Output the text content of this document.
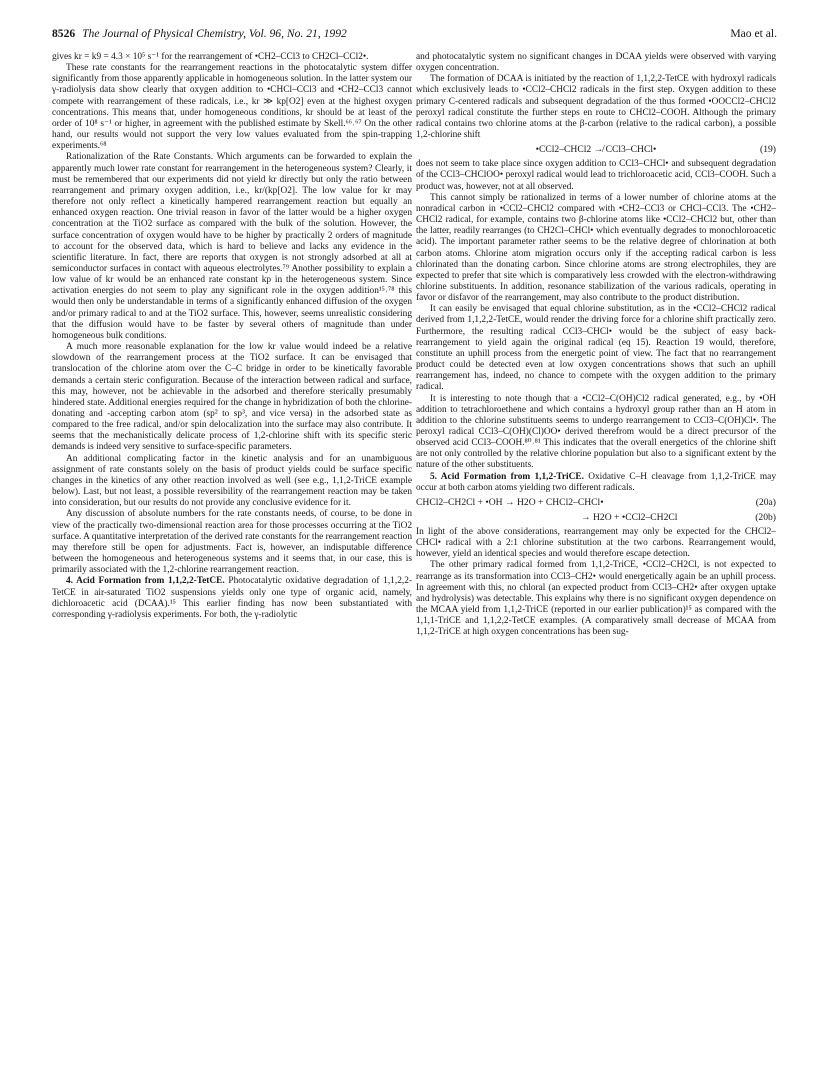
8526 The Journal of Physical Chemistry, Vol. 96, No. 21, 1992	Mao et al.

gives kr = k9 = 4.3 × 10⁵ s⁻¹ for the rearrangement of •CH2–CCl3 to CH2Cl–CCl2•.

These rate constants for the rearrangement reactions in the photocatalytic system differ significantly from those apparently applicable in homogeneous solution. In the latter system our γ-radiolysis data show clearly that oxygen addition to •CHCl–CCl3 and •CH2–CCl3 cannot compete with rearrangement of these radicals, i.e., kr ≫ kp[O2] even at the highest oxygen concentrations. This means that, under homogeneous conditions, kr should be at least of the order of 10⁸ s⁻¹ or higher, in agreement with the published estimate by Skell.⁶⁶˒⁶⁷ On the other hand, our results would not support the very low values evaluated from the spin-trapping experiments.⁶⁸

Rationalization of the Rate Constants. Which arguments can be forwarded to explain the apparently much lower rate constant for rearrangement in the heterogeneous system? Clearly, it must be remembered that our experiments did not yield kr directly but only the ratio between rearrangement and primary oxygen addition, i.e., kr/(kp[O2]. The low value for kr may therefore not only reflect a kinetically hampered rearrangement reaction but equally an enhanced oxygen reaction. One trivial reason in favor of the latter would be a higher oxygen concentration at the TiO2 surface as compared with the bulk of the solution. However, the surface concentration of oxygen would have to be higher by practically 2 orders of magnitude to account for the observed data, which is hard to believe and lacks any evidence in the scientific literature. In fact, there are reports that oxygen is not strongly adsorbed at all at semiconductor surfaces in contact with aqueous electrolytes.⁷⁹ Another possibility to explain a low value of kr would be an enhanced rate constant kp in the heterogeneous system. Since activation energies do not seem to play any significant role in the oxygen addition¹⁵˒⁷⁸ this would then only be understandable in terms of a significantly enhanced diffusion of the oxygen and/or primary radical to and at the TiO2 surface. This, however, seems unrealistic considering that the diffusion would have to be faster by several others of magnitude than under homogeneous bulk conditions.

A much more reasonable explanation for the low kr value would indeed be a relative slowdown of the rearrangement process at the TiO2 surface. It can be envisaged that translocation of the chlorine atom over the C–C bridge in order to be kinetically favorable demands a certain steric configuration. Because of the interaction between radical and surface, this may, however, not be achievable in the adsorbed and therefore sterically presumably hindered state. Additional energies required for the change in hybridization of both the chlorine-donating and -accepting carbon atom (sp² to sp³, and vice versa) in the adsorbed state as compared to the free radical, and/or spin delocalization into the surface may also contribute. It seems that the mechanistically delicate process of 1,2-chlorine shift with its specific steric demands is indeed very sensitive to surface-specific parameters.

An additional complicating factor in the kinetic analysis and for an unambiguous assignment of rate constants solely on the basis of product yields could be surface specific changes in the kinetics of any other reaction involved as well (see e.g., 1,1,2-TriCE example below). Last, but not least, a possible reversibility of the rearrangement reaction may be taken into consideration, but our results do not provide any conclusive evidence for it.

Any discussion of absolute numbers for the rate constants needs, of course, to be done in view of the practically two-dimensional reaction area for those processes occurring at the TiO2 surface. A quantitative interpretation of the derived rate constants for the rearrangement reaction may therefore still be open for adjustments. Fact is, however, an indisputable difference between the homogeneous and heterogeneous systems and it seems that, in our case, this is primarily associated with the 1,2-chlorine rearrangement reaction.

4. Acid Formation from 1,1,2,2-TetCE. Photocatalytic oxidative degradation of 1,1,2,2-TetCE in air-saturated TiO2 suspensions yields only one type of organic acid, namely, dichloroacetic acid (DCAA).¹⁵ This earlier finding has now been substantiated with corresponding γ-radiolysis experiments. For both, the γ-radiolytic

and photocatalytic system no significant changes in DCAA yields were observed with varying oxygen concentration.

The formation of DCAA is initiated by the reaction of 1,1,2,2-TetCE with hydroxyl radicals which exclusively leads to •CCl2–CHCl2 radicals in the first step. Oxygen addition to these primary C-centered radicals and subsequent degradation of the thus formed •OOCCl2–CHCl2 peroxyl radical constitute the further steps en route to CHCl2–COOH. Although the primary radical contains two chlorine atoms at the β-carbon (relative to the radical carbon), a possible 1,2-chlorine shift

•CCl2–CHCl2 ↛ CCl3–CHCl•	(19)

does not seem to take place since oxygen addition to CCl3–CHCl• and subsequent degradation of the CCl3–CHClOO• peroxyl radical would lead to trichloroacetic acid, CCl3–COOH. Such a product was, however, not at all observed.

This cannot simply be rationalized in terms of a lower number of chlorine atoms at the nonradical carbon in •CCl2–CHCl2 compared with •CH2–CCl3 or CHCl–CCl3. The •CH2–CHCl2 radical, for example, contains two β-chlorine atoms like •CCl2–CHCl2 but, other than the latter, readily rearranges (to CH2Cl–CHCl• which eventually degrades to monochloroacetic acid). The important parameter rather seems to be the relative degree of chlorination at both carbon atoms. Chlorine atom migration occurs only if the accepting radical carbon is less chlorinated than the donating carbon. Since chlorine atoms are strong electrophiles, they are expected to prefer that site which is comparatively less crowded with the electron-withdrawing chlorine substituents. In addition, resonance stabilization of the various radicals, operating in favor or disfavor of the rearrangement, may also contribute to the product distribution.

It can easily be envisaged that equal chlorine substitution, as in the •CCl2–CHCl2 radical derived from 1,1,2,2-TetCE, would render the driving force for a chlorine shift practically zero. Furthermore, the resulting radical CCl3–CHCl• would be the subject of easy back-rearrangement to yield again the original radical (eq 15). Reaction 19 would, therefore, constitute an uphill process from the energetic point of view. The fact that no rearrangement product could be detected even at low oxygen concentrations shows that such an uphill rearrangement has, indeed, no chance to compete with the oxygen addition to the primary radical.

It is interesting to note though that a •CCl2–C(OH)Cl2 radical generated, e.g., by •OH addition to tetrachloroethene and which contains a hydroxyl group rather than an H atom in addition to the chlorine substituents seems to undergo rearrangement to CCl3–C(OH)Cl•. The peroxyl radical CCl3–C(OH)(Cl)OO• derived therefrom would be a direct precursor of the observed acid CCl3–COOH.⁸⁰˒⁸¹ This indicates that the overall energetics of the chlorine shift are not only controlled by the relative chlorine population but also to a significant extent by the nature of the other substituents.

5. Acid Formation from 1,1,2-TriCE. Oxidative C–H cleavage from 1,1,2-TriCE may occur at both carbon atoms yielding two different radicals.

CHCl2–CH2Cl + •OH → H2O + CHCl2–CHCl•	(20a)
→ H2O + •CCl2–CH2Cl	(20b)

In light of the above considerations, rearrangement may only be expected for the CHCl2–CHCl• radical with a 2:1 chlorine substitution at the two carbons. Rearrangement would, however, yield an identical species and would therefore escape detection.

The other primary radical formed from 1,1,2-TriCE, •CCl2–CH2Cl, is not expected to rearrange as its transformation into CCl3–CH2• would energetically again be an uphill process. In agreement with this, no chloral (an expected product from CCl3–CH2• after oxygen uptake and hydrolysis) was detectable. This explains why there is no significant oxygen dependence on the MCAA yield from 1,1,2-TriCE (reported in our earlier publication)¹⁵ as compared with the 1,1,1-TriCE and 1,1,2,2-TetCE examples. (A comparatively small decrease of MCAA from 1,1,2-TriCE at high oxygen concentrations has been sug-
